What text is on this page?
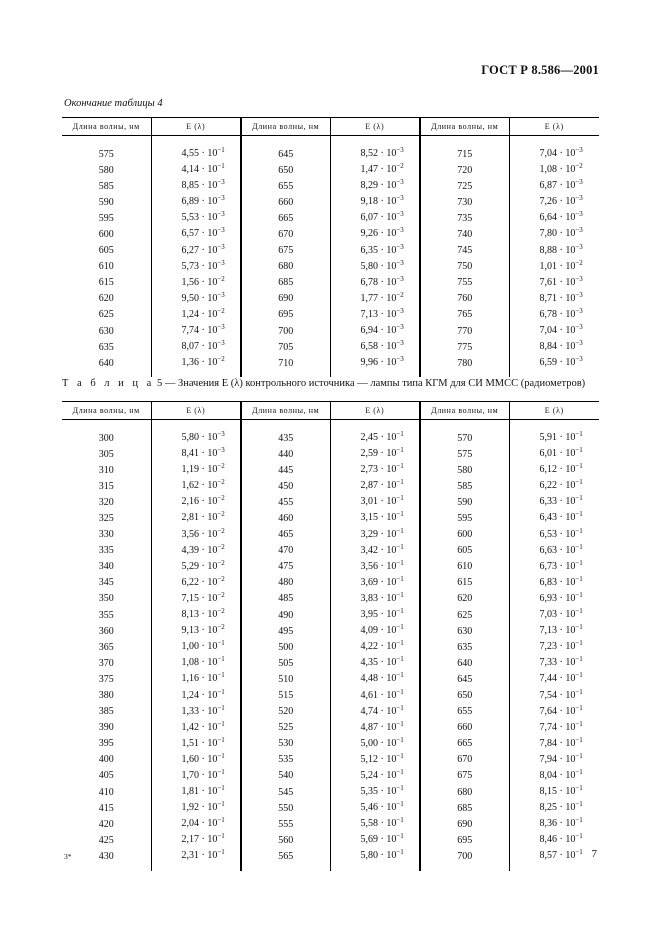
ГОСТ Р 8.586—2001
Окончание таблицы 4
Длина волны, нм	E (λ)	Длина волны, нм	E (λ)	Длина волны, нм	E (λ)

575	$4,55 \cdot 10^{-1}$	645	$8,52 \cdot 10^{-3}$	715	$7,04 \cdot 10^{-3}$
580	$4,14 \cdot 10^{-1}$	650	$1,47 \cdot 10^{-2}$	720	$1,08 \cdot 10^{-2}$
585	$8,85 \cdot 10^{-3}$	655	$8,29 \cdot 10^{-3}$	725	$6,87 \cdot 10^{-3}$
590	$6,89 \cdot 10^{-3}$	660	$9,18 \cdot 10^{-3}$	730	$7,26 \cdot 10^{-3}$
595	$5,53 \cdot 10^{-3}$	665	$6,07 \cdot 10^{-3}$	735	$6,64 \cdot 10^{-3}$
600	$6,57 \cdot 10^{-3}$	670	$9,26 \cdot 10^{-3}$	740	$7,80 \cdot 10^{-3}$
605	$6,27 \cdot 10^{-3}$	675	$6,35 \cdot 10^{-3}$	745	$8,88 \cdot 10^{-3}$
610	$5,73 \cdot 10^{-3}$	680	$5,80 \cdot 10^{-3}$	750	$1,01 \cdot 10^{-2}$
615	$1,56 \cdot 10^{-2}$	685	$6,78 \cdot 10^{-3}$	755	$7,61 \cdot 10^{-3}$
620	$9,50 \cdot 10^{-3}$	690	$1,77 \cdot 10^{-2}$	760	$8,71 \cdot 10^{-3}$
625	$1,24 \cdot 10^{-2}$	695	$7,13 \cdot 10^{-3}$	765	$6,78 \cdot 10^{-3}$
630	$7,74 \cdot 10^{-3}$	700	$6,94 \cdot 10^{-3}$	770	$7,04 \cdot 10^{-3}$
635	$8,07 \cdot 10^{-3}$	705	$6,58 \cdot 10^{-3}$	775	$8,84 \cdot 10^{-3}$
640	$1,36 \cdot 10^{-2}$	710	$9,96 \cdot 10^{-3}$	780	$6,59 \cdot 10^{-3}$

Т а б л и ц а 5 — Значения E (λ) контрольного источника — лампы типа КГМ для СИ ММСС (радиометров)
Длина волны, нм	E (λ)	Длина волны, нм	E (λ)	Длина волны, нм	E (λ)

300	$5,80 \cdot 10^{-3}$	435	$2,45 \cdot 10^{-1}$	570	$5,91 \cdot 10^{-1}$
305	$8,41 \cdot 10^{-3}$	440	$2,59 \cdot 10^{-1}$	575	$6,01 \cdot 10^{-1}$
310	$1,19 \cdot 10^{-2}$	445	$2,73 \cdot 10^{-1}$	580	$6,12 \cdot 10^{-1}$
315	$1,62 \cdot 10^{-2}$	450	$2,87 \cdot 10^{-1}$	585	$6,22 \cdot 10^{-1}$
320	$2,16 \cdot 10^{-2}$	455	$3,01 \cdot 10^{-1}$	590	$6,33 \cdot 10^{-1}$
325	$2,81 \cdot 10^{-2}$	460	$3,15 \cdot 10^{-1}$	595	$6,43 \cdot 10^{-1}$
330	$3,56 \cdot 10^{-2}$	465	$3,29 \cdot 10^{-1}$	600	$6,53 \cdot 10^{-1}$
335	$4,39 \cdot 10^{-2}$	470	$3,42 \cdot 10^{-1}$	605	$6,63 \cdot 10^{-1}$
340	$5,29 \cdot 10^{-2}$	475	$3,56 \cdot 10^{-1}$	610	$6,73 \cdot 10^{-1}$
345	$6,22 \cdot 10^{-2}$	480	$3,69 \cdot 10^{-1}$	615	$6,83 \cdot 10^{-1}$
350	$7,15 \cdot 10^{-2}$	485	$3,83 \cdot 10^{-1}$	620	$6,93 \cdot 10^{-1}$
355	$8,13 \cdot 10^{-2}$	490	$3,95 \cdot 10^{-1}$	625	$7,03 \cdot 10^{-1}$
360	$9,13 \cdot 10^{-2}$	495	$4,09 \cdot 10^{-1}$	630	$7,13 \cdot 10^{-1}$
365	$1,00 \cdot 10^{-1}$	500	$4,22 \cdot 10^{-1}$	635	$7,23 \cdot 10^{-1}$
370	$1,08 \cdot 10^{-1}$	505	$4,35 \cdot 10^{-1}$	640	$7,33 \cdot 10^{-1}$
375	$1,16 \cdot 10^{-1}$	510	$4,48 \cdot 10^{-1}$	645	$7,44 \cdot 10^{-1}$
380	$1,24 \cdot 10^{-1}$	515	$4,61 \cdot 10^{-1}$	650	$7,54 \cdot 10^{-1}$
385	$1,33 \cdot 10^{-1}$	520	$4,74 \cdot 10^{-1}$	655	$7,64 \cdot 10^{-1}$
390	$1,42 \cdot 10^{-1}$	525	$4,87 \cdot 10^{-1}$	660	$7,74 \cdot 10^{-1}$
395	$1,51 \cdot 10^{-1}$	530	$5,00 \cdot 10^{-1}$	665	$7,84 \cdot 10^{-1}$
400	$1,60 \cdot 10^{-1}$	535	$5,12 \cdot 10^{-1}$	670	$7,94 \cdot 10^{-1}$
405	$1,70 \cdot 10^{-1}$	540	$5,24 \cdot 10^{-1}$	675	$8,04 \cdot 10^{-1}$
410	$1,81 \cdot 10^{-1}$	545	$5,35 \cdot 10^{-1}$	680	$8,15 \cdot 10^{-1}$
415	$1,92 \cdot 10^{-1}$	550	$5,46 \cdot 10^{-1}$	685	$8,25 \cdot 10^{-1}$
420	$2,04 \cdot 10^{-1}$	555	$5,58 \cdot 10^{-1}$	690	$8,36 \cdot 10^{-1}$
425	$2,17 \cdot 10^{-1}$	560	$5,69 \cdot 10^{-1}$	695	$8,46 \cdot 10^{-1}$
430	$2,31 \cdot 10^{-1}$	565	$5,80 \cdot 10^{-1}$	700	$8,57 \cdot 10^{-1}$

3*	7
